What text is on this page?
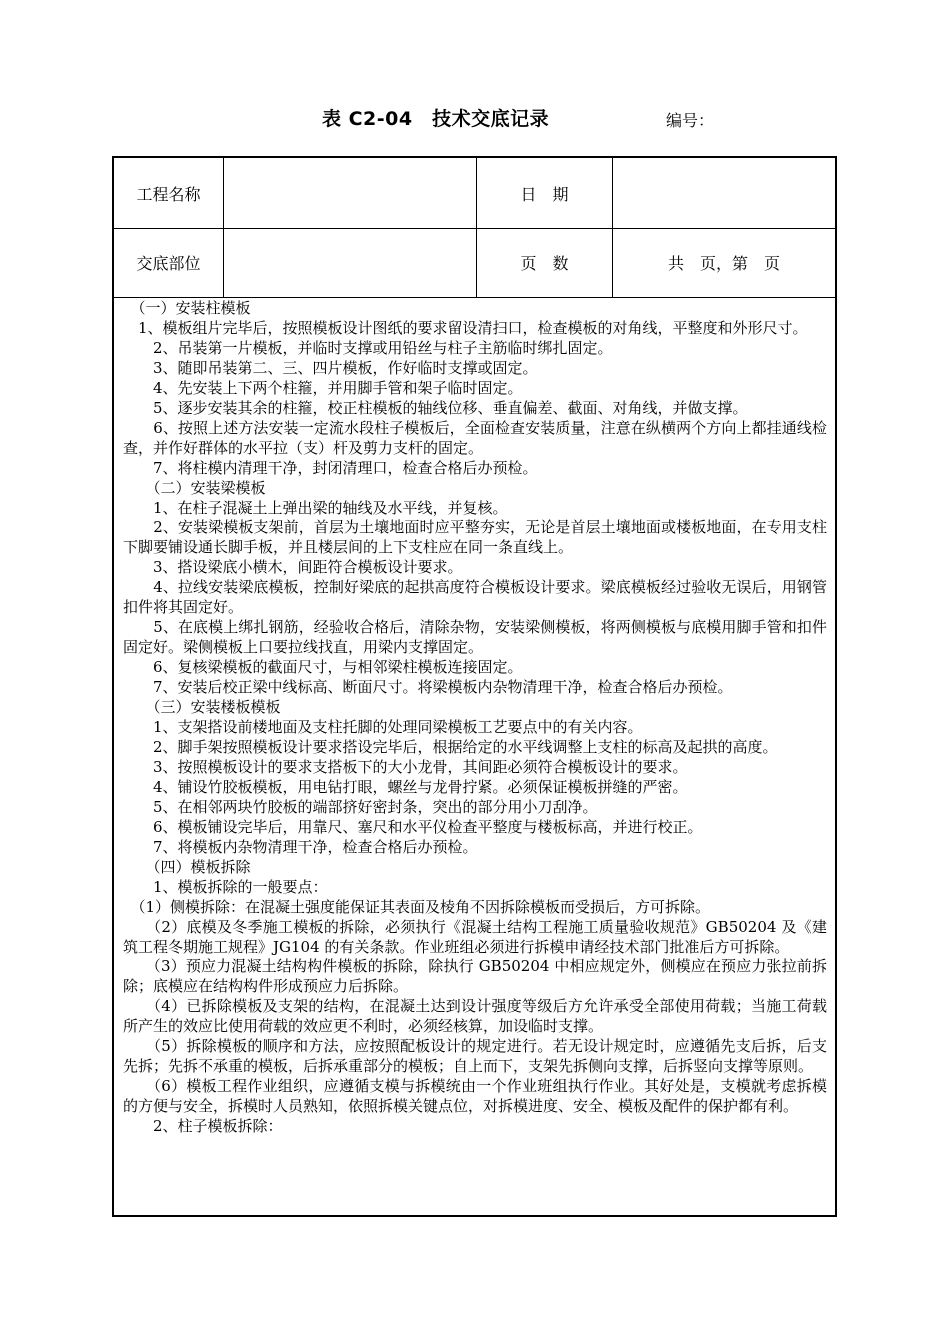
表 C2-04　技术交底记录	编号：
工程名称	日　期
交底部位	页　数	共　页，第　页

　（一）安装柱模板

　1、模板组片完毕后，按照模板设计图纸的要求留设清扫口，检查模板的对角线，平整度和外形尺寸。

　　2、吊装第一片模板，并临时支撑或用铅丝与柱子主筋临时绑扎固定。

　　3、随即吊装第二、三、四片模板，作好临时支撑或固定。

　　4、先安装上下两个柱箍，并用脚手管和架子临时固定。

　　5、逐步安装其余的柱箍，校正柱模板的轴线位移、垂直偏差、截面、对角线，并做支撑。

　　6、按照上述方法安装一定流水段柱子模板后，全面检查安装质量，注意在纵横两个方向上都挂通线检查，并作好群体的水平拉（支）杆及剪力支杆的固定。

　　7、将柱模内清理干净，封闭清理口，检查合格后办预检。

　　（二）安装梁模板

　　1、在柱子混凝土上弹出梁的轴线及水平线，并复核。

　　2、安装梁模板支架前，首层为土壤地面时应平整夯实，无论是首层土壤地面或楼板地面，在专用支柱下脚要铺设通长脚手板，并且楼层间的上下支柱应在同一条直线上。

　　3、搭设梁底小横木，间距符合模板设计要求。

　　4、拉线安装梁底模板，控制好梁底的起拱高度符合模板设计要求。梁底模板经过验收无误后，用钢管扣件将其固定好。

　　5、在底模上绑扎钢筋，经验收合格后，清除杂物，安装梁侧模板，将两侧模板与底模用脚手管和扣件固定好。梁侧模板上口要拉线找直，用梁内支撑固定。

　　6、复核梁模板的截面尺寸，与相邻梁柱模板连接固定。

　　7、安装后校正梁中线标高、断面尺寸。将梁模板内杂物清理干净，检查合格后办预检。

　　（三）安装楼板模板

　　1、支架搭设前楼地面及支柱托脚的处理同梁模板工艺要点中的有关内容。

　　2、脚手架按照模板设计要求搭设完毕后，根据给定的水平线调整上支柱的标高及起拱的高度。

　　3、按照模板设计的要求支搭板下的大小龙骨，其间距必须符合模板设计的要求。

　　4、铺设竹胶板模板，用电钻打眼，螺丝与龙骨拧紧。必须保证模板拼缝的严密。

　　5、在相邻两块竹胶板的端部挤好密封条，突出的部分用小刀刮净。

　　6、模板铺设完毕后，用靠尺、塞尺和水平仪检查平整度与楼板标高，并进行校正。

　　7、将模板内杂物清理干净，检查合格后办预检。

　　（四）模板拆除

　　1、模板拆除的一般要点：

　（1）侧模拆除：在混凝土强度能保证其表面及棱角不因拆除模板而受损后，方可拆除。

　　（2）底模及冬季施工模板的拆除，必须执行《混凝土结构工程施工质量验收规范》GB50204 及《建筑工程冬期施工规程》JG104 的有关条款。作业班组必须进行拆模申请经技术部门批准后方可拆除。

　　（3）预应力混凝土结构构件模板的拆除，除执行 GB50204 中相应规定外，侧模应在预应力张拉前拆除；底模应在结构构件形成预应力后拆除。

　　（4）已拆除模板及支架的结构，在混凝土达到设计强度等级后方允许承受全部使用荷载；当施工荷载所产生的效应比使用荷载的效应更不利时，必须经核算，加设临时支撑。

　　（5）拆除模板的顺序和方法，应按照配板设计的规定进行。若无设计规定时，应遵循先支后拆，后支先拆；先拆不承重的模板，后拆承重部分的模板；自上而下，支架先拆侧向支撑，后拆竖向支撑等原则。

　　（6）模板工程作业组织，应遵循支模与拆模统由一个作业班组执行作业。其好处是，支模就考虑拆模的方便与安全，拆模时人员熟知，依照拆模关键点位，对拆模进度、安全、模板及配件的保护都有利。

　　2、柱子模板拆除：
